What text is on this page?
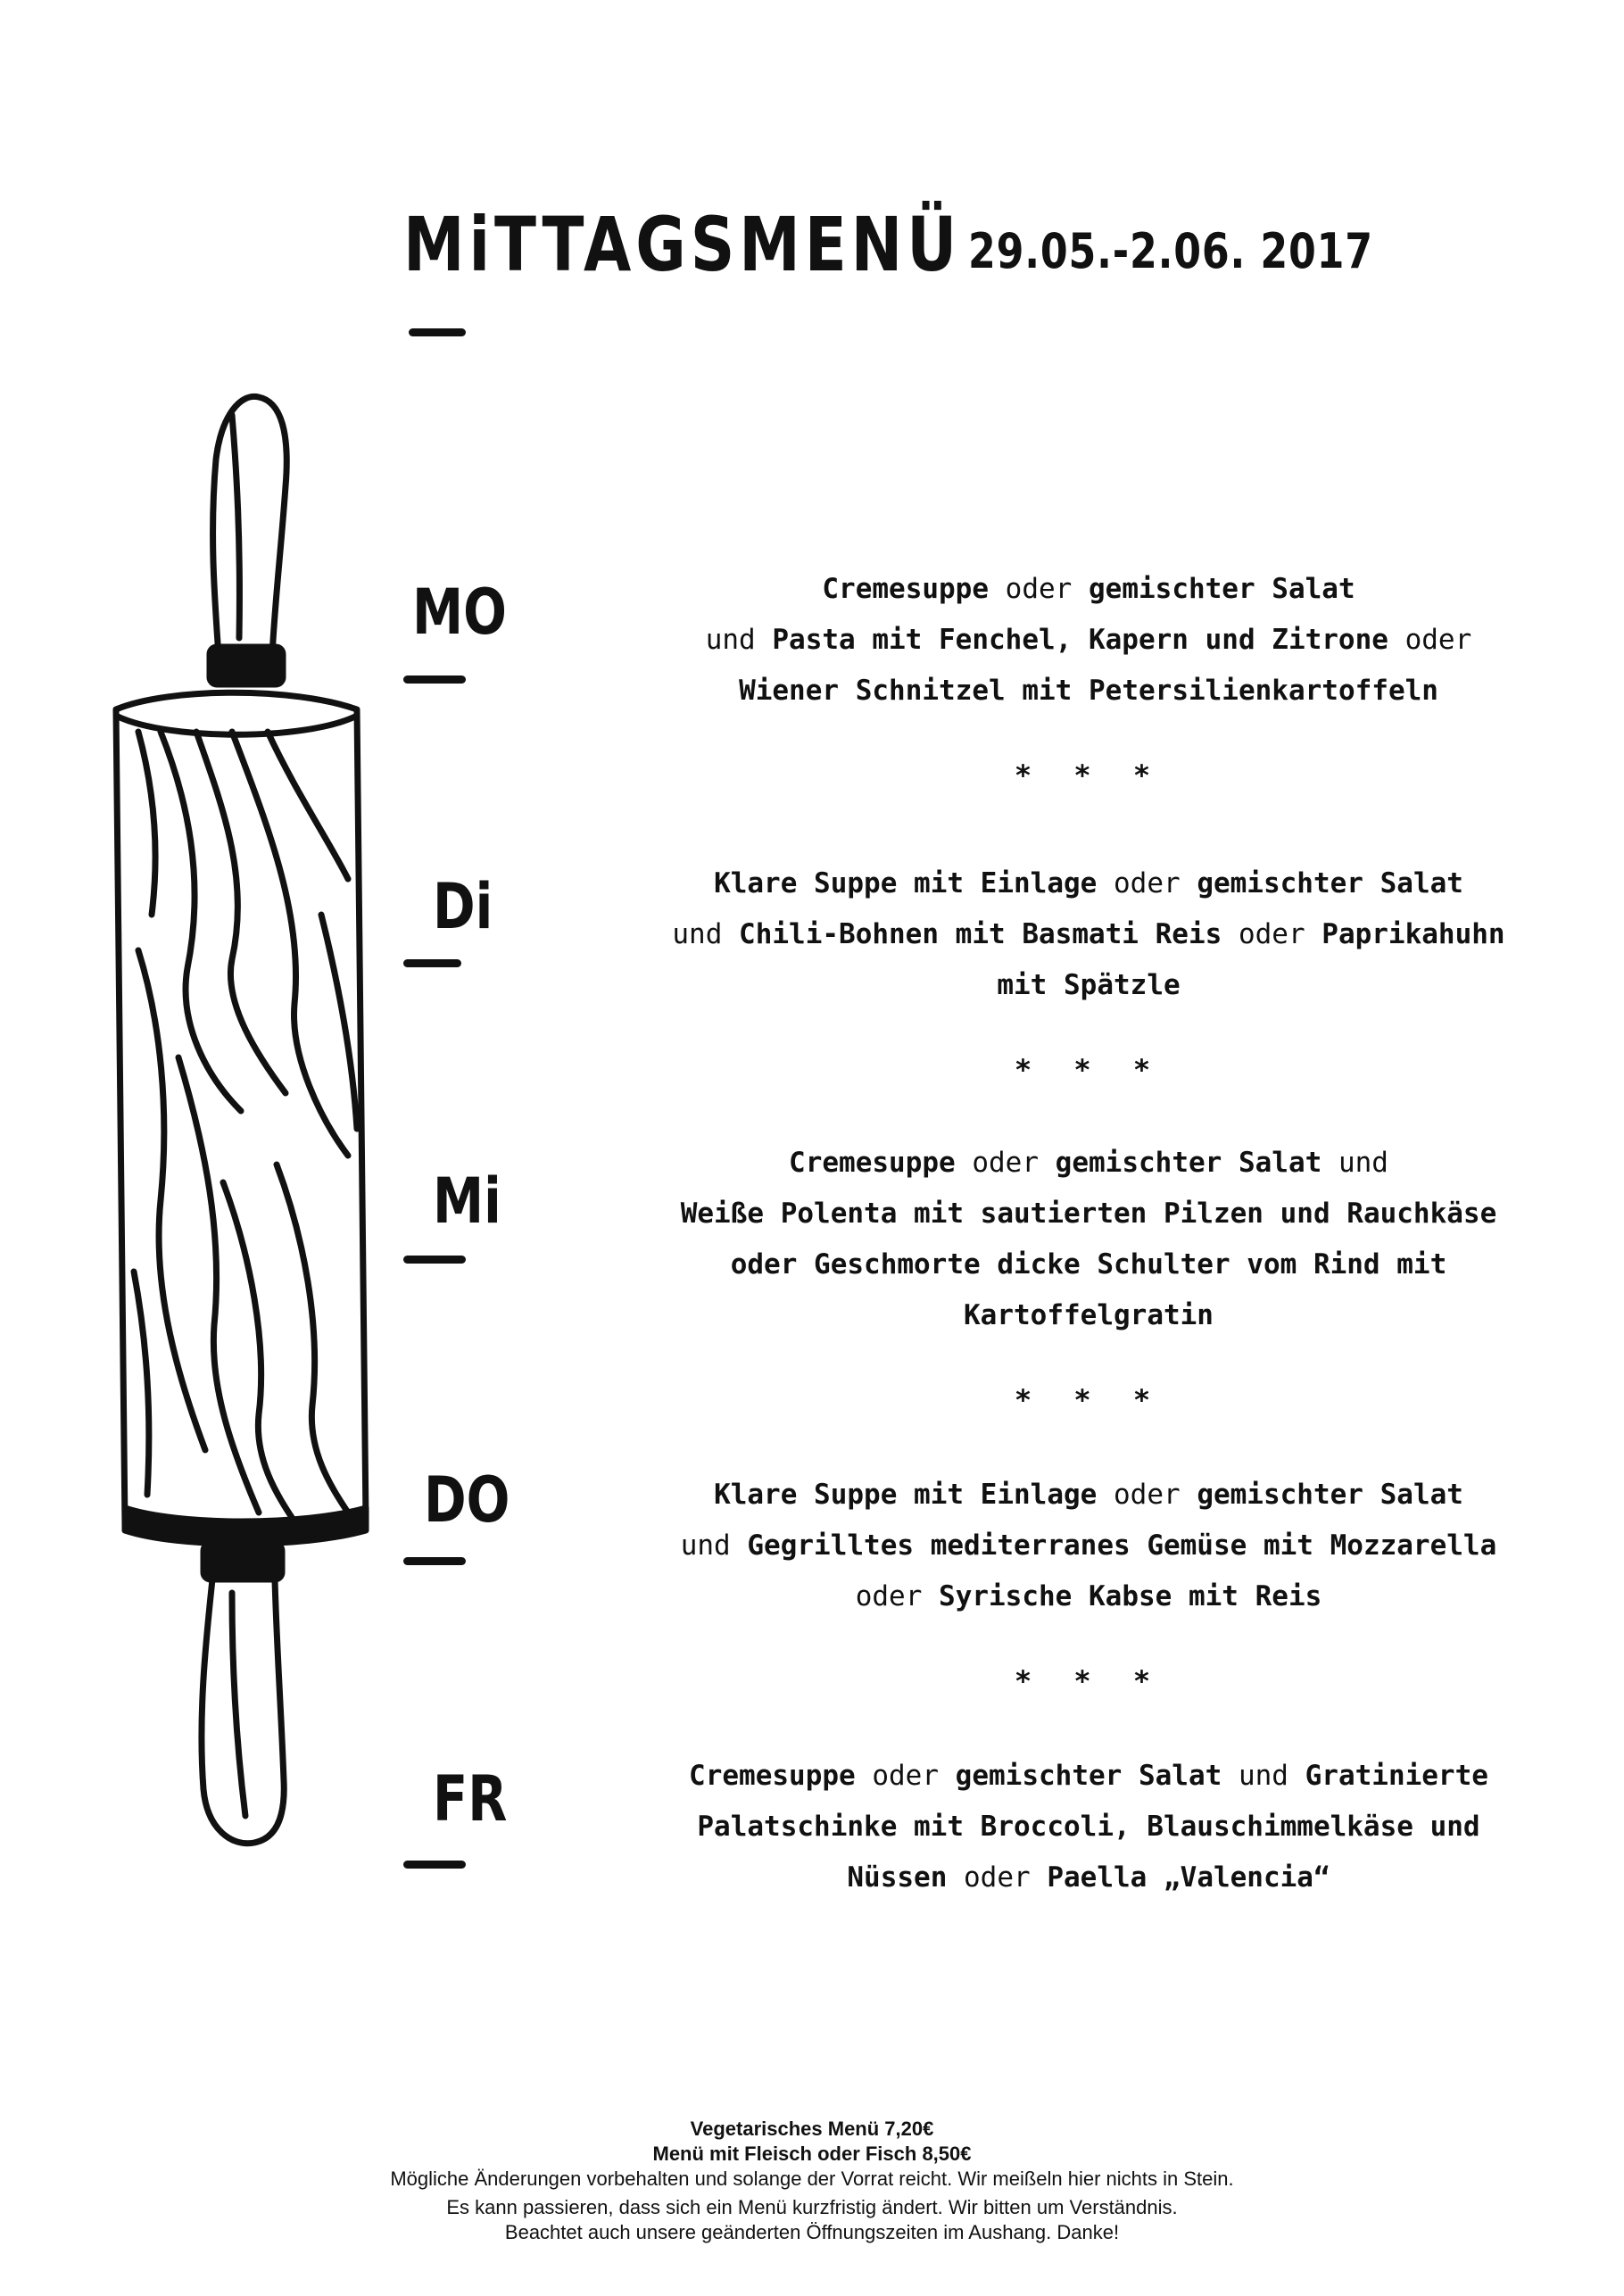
MiTTAGSMENÜ 29.05.-2.06. 2017
MO
Di
Mi
DO
FR
Cremesuppe oder gemischter Salat
und Pasta mit Fenchel, Kapern und Zitrone oder
Wiener Schnitzel mit Petersilienkartoffeln
* * *
Klare Suppe mit Einlage oder gemischter Salat
und Chili-Bohnen mit Basmati Reis oder Paprikahuhn
mit Spätzle
* * *
Cremesuppe oder gemischter Salat und
Weiße Polenta mit sautierten Pilzen und Rauchkäse
oder Geschmorte dicke Schulter vom Rind mit
Kartoffelgratin
* * *
Klare Suppe mit Einlage oder gemischter Salat
und Gegrilltes mediterranes Gemüse mit Mozzarella
oder Syrische Kabse mit Reis
* * *
Cremesuppe oder gemischter Salat und Gratinierte
Palatschinke mit Broccoli, Blauschimmelkäse und
Nüssen oder Paella „Valencia“
Vegetarisches Menü 7,20€
Menü mit Fleisch oder Fisch 8,50€
Mögliche Änderungen vorbehalten und solange der Vorrat reicht. Wir meißeln hier nichts in Stein.
Es kann passieren, dass sich ein Menü kurzfristig ändert. Wir bitten um Verständnis.
Beachtet auch unsere geänderten Öffnungszeiten im Aushang. Danke!
